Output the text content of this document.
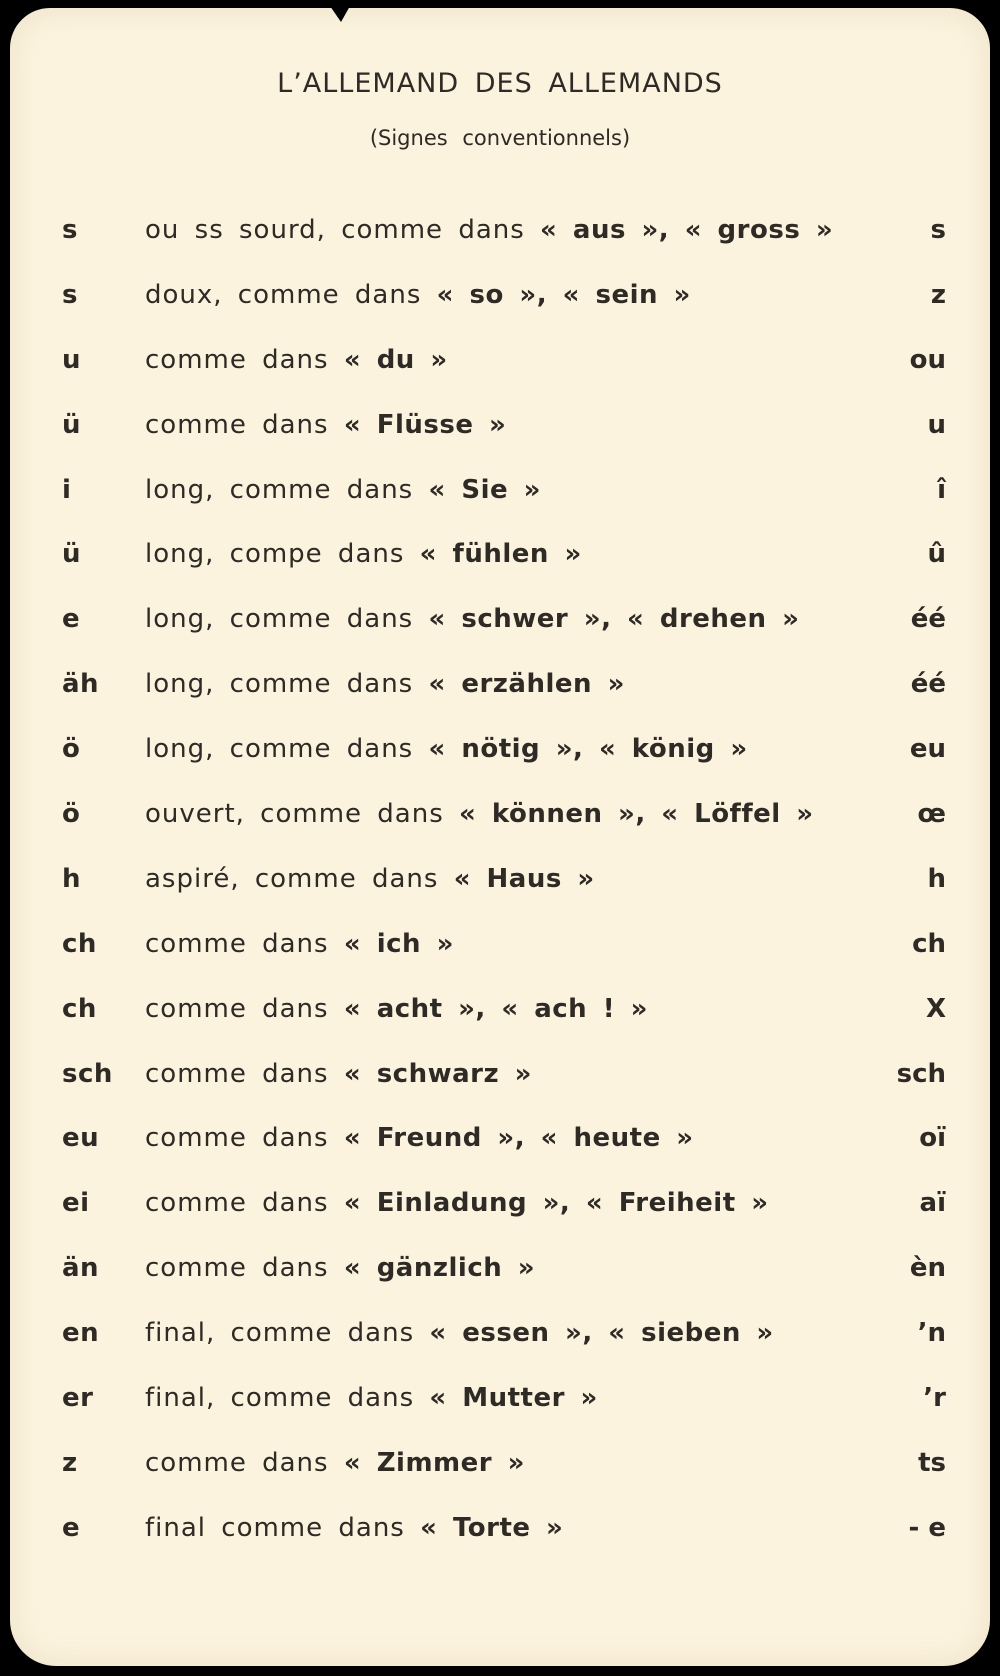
L’ALLEMAND DES ALLEMANDS

(Signes conventionnels)

s	ou ss sourd, comme dans « aus », « gross »	s
s	doux, comme dans « so », « sein »	z
u comme dans « du »	ou
ü comme dans « Flüsse »	u
i	long, comme dans « Sie »	î
ü long, compe dans « fühlen »	û
e long, comme dans « schwer », « drehen »	éé
äh long, comme dans « erzählen »	éé
ö long, comme dans « nötig », « könig »	eu
ö ouvert, comme dans « können », « Löffel »	œ
h aspiré, comme dans « Haus »	h
ch comme dans « ich »	ch
ch comme dans « acht », « ach ! »	X
sch comme dans « schwarz »	sch
eu comme dans « Freund », « heute »	oï
ei comme dans « Einladung », « Freiheit »	aï
än comme dans « gänzlich »	èn
en final, comme dans « essen », « sieben »	’n
er final, comme dans « Mutter »	’r
z	comme dans « Zimmer »	ts
e final comme dans « Torte »	- e
